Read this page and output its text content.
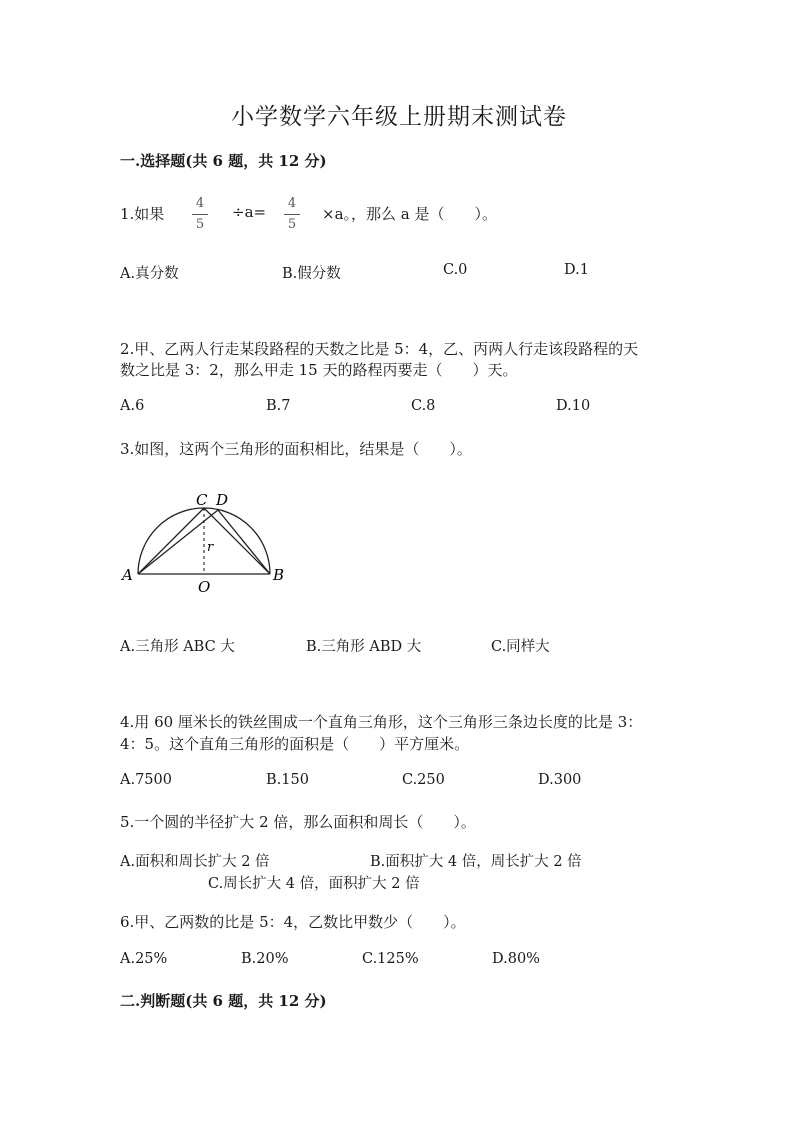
小学数学六年级上册期末测试卷
一.选择题(共 6 题，共 12 分)
1.如果
4
5
÷a= 4
5
×a。，那么 a 是（　　）。
A.真分数	B.假分数	C.0	D.1
2.甲、乙两人行走某段路程的天数之比是 5：4，乙、丙两人行走该段路程的天
数之比是 3：2，那么甲走 15 天的路程丙要走（　　）天。
A.6	B.7	C.8	D.10
3.如图，这两个三角形的面积相比，结果是（　　）。
A	B
C D
O
r
A.三角形 ABC 大	B.三角形 ABD 大	C.同样大
4.用 60 厘米长的铁丝围成一个直角三角形，这个三角形三条边长度的比是 3：
4：5。这个直角三角形的面积是（　　）平方厘米。
A.7500	B.150	C.250	D.300
5.一个圆的半径扩大 2 倍，那么面积和周长（　　）。
A.面积和周长扩大 2 倍	B.面积扩大 4 倍，周长扩大 2 倍
C.周长扩大 4 倍，面积扩大 2 倍
6.甲、乙两数的比是 5：4，乙数比甲数少（　　）。
A.25%	B.20%	C.125%	D.80%
二.判断题(共 6 题，共 12 分)
